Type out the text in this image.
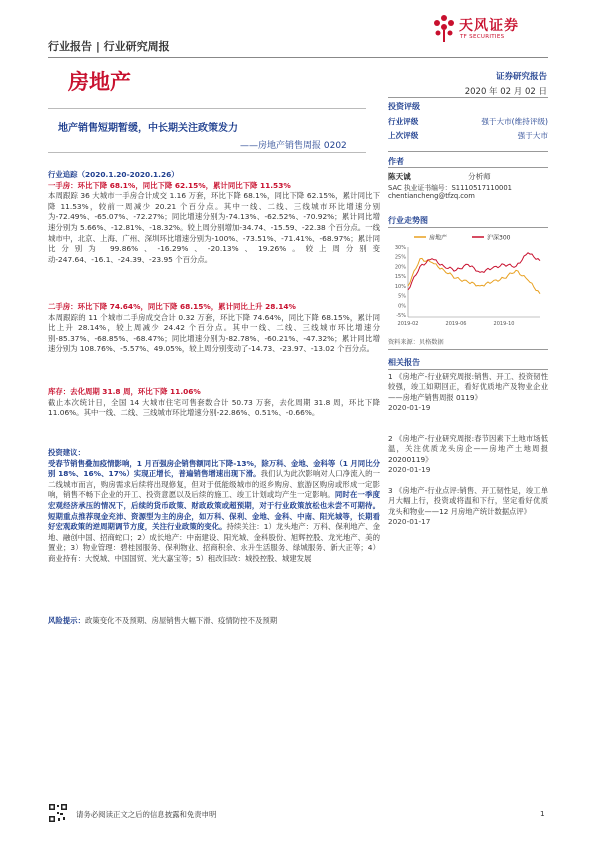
行业报告 | 行业研究周报
天风证券
TF SECURITIES
房地产	证券研究报告
2020 年 02 月 02 日
地产销售短期暂缓，中长期关注政策发力
——房地产销售周报 0202
行业追踪（2020.1.20-2020.1.26）
一手房：环比下降 68.1%，同比下降 62.15%，累计同比下降 11.53%
本周跟踪 36 大城市一手房合计成交 1.16 万套，环比下降 68.1%，同比下降 62.15%，累计同比下降 11.53%，较前一周减少 20.21 个百分点。其中一线、二线、三线城市环比增速分别为-72.49%、-65.07%、-72.27%；同比增速分别为-74.13%、-62.52%、-70.92%；累计同比增速分别为 5.66%、-12.81%、-18.32%。较上周分别增加-34.74、-15.59、-22.38 个百分点。一线城市中，北京、上海、广州、深圳环比增速分别为-100%、-73.51%、-71.41%、-68.97%；累计同比分别为 99.86%、-16.29%、-20.13%、19.26%。较上周分别变动-247.64、-16.1、-24.39、-23.95 个百分点。
二手房：环比下降 74.64%，同比下降 68.15%，累计同比上升 28.14%
本周跟踪的 11 个城市二手房成交合计 0.32 万套，环比下降 74.64%，同比下降 68.15%，累计同比上升 28.14%，较上周减少 24.42 个百分点。其中一线、二线、三线城市环比增速分别-85.37%、-68.85%、-68.47%；同比增速分别为-82.78%、-60.21%、-47.32%；累计同比增速分别为 108.76%、-5.57%、49.05%，较上周分别变动了-14.73、-23.97、-13.02 个百分点。
库存：去化周期 31.8 周，环比下降 11.06%
截止本次统计日，全国 14 大城市住宅可售套数合计 50.73 万套，去化周期 31.8 周，环比下降 11.06%。其中一线、二线、三线城市环比增速分别-22.86%、0.51%、-0.66%。
投资建议：
受春节销售叠加疫情影响，1 月百强房企销售额同比下降-13%，除万科、金地、金科等（1 月同比分别 18%、16%、17%）实现正增长，普遍销售增速出现下滑。我们认为此次影响对人口净流入的一二线城市而言，购房需求后续将出现修复，但对于低能级城市的返乡购房、旅游区购房或形成一定影响，销售不畅下企业的开工、投资意愿以及后续的施工、竣工计划或均产生一定影响。同时在一季度宏观经济承压的情况下，后续的货币政策、财政政策或超预期，对于行业政策放松也未尝不可期待。短期重点推荐现金充沛、资源型为主的房企，如万科、保利、金地、金科、中南、阳光城等，长期看好宏观政策的逆周期调节方度，关注行业政策的变化。持续关注：1）龙头地产：万科、保利地产、金地、融创中国、招商蛇口；2）成长地产：中南建设、阳光城、金科股份、旭辉控股、龙光地产、美的置业；3）物业管理：碧桂园服务、保利物业、招商积余、永升生活服务、绿城服务、新大正等；4）商业持有：大悦城、中国国贸、光大嘉宝等；5）租改旧改：城投控股、城建发展
风险提示：政策变化不及预期、房屋销售大幅下滑、疫情防控不及预期
投资评级
行业评级	强于大市(维持评级)
上次评级	强于大市
作者
陈天诚	分析师
SAC 执业证书编号：S1110517110001
chentiancheng@tfzq.com
行业走势图
房地产	沪深300
30%
25%
20%
15%
10%
5%
0%
-5%
2019-02	2019-06	2019-10
资料来源：贝格数据
相关报告
1 《房地产-行业研究周报:销售、开工、投资韧性较强，竣工如期回正，看好优质地产及物业企业——房地产销售周报 0119》
2020-01-19
2 《房地产-行业研究周报:春节因素下土地市场低温，关注优质龙头房企——房地产土地周报 20200119》
2020-01-19
3 《房地产-行业点评:销售、开工韧性足，竣工单月大幅上行，投资或将温和下行，坚定看好优质龙头和物业——12 月房地产统计数据点评》
2020-01-17
请务必阅读正文之后的信息披露和免责申明	1
